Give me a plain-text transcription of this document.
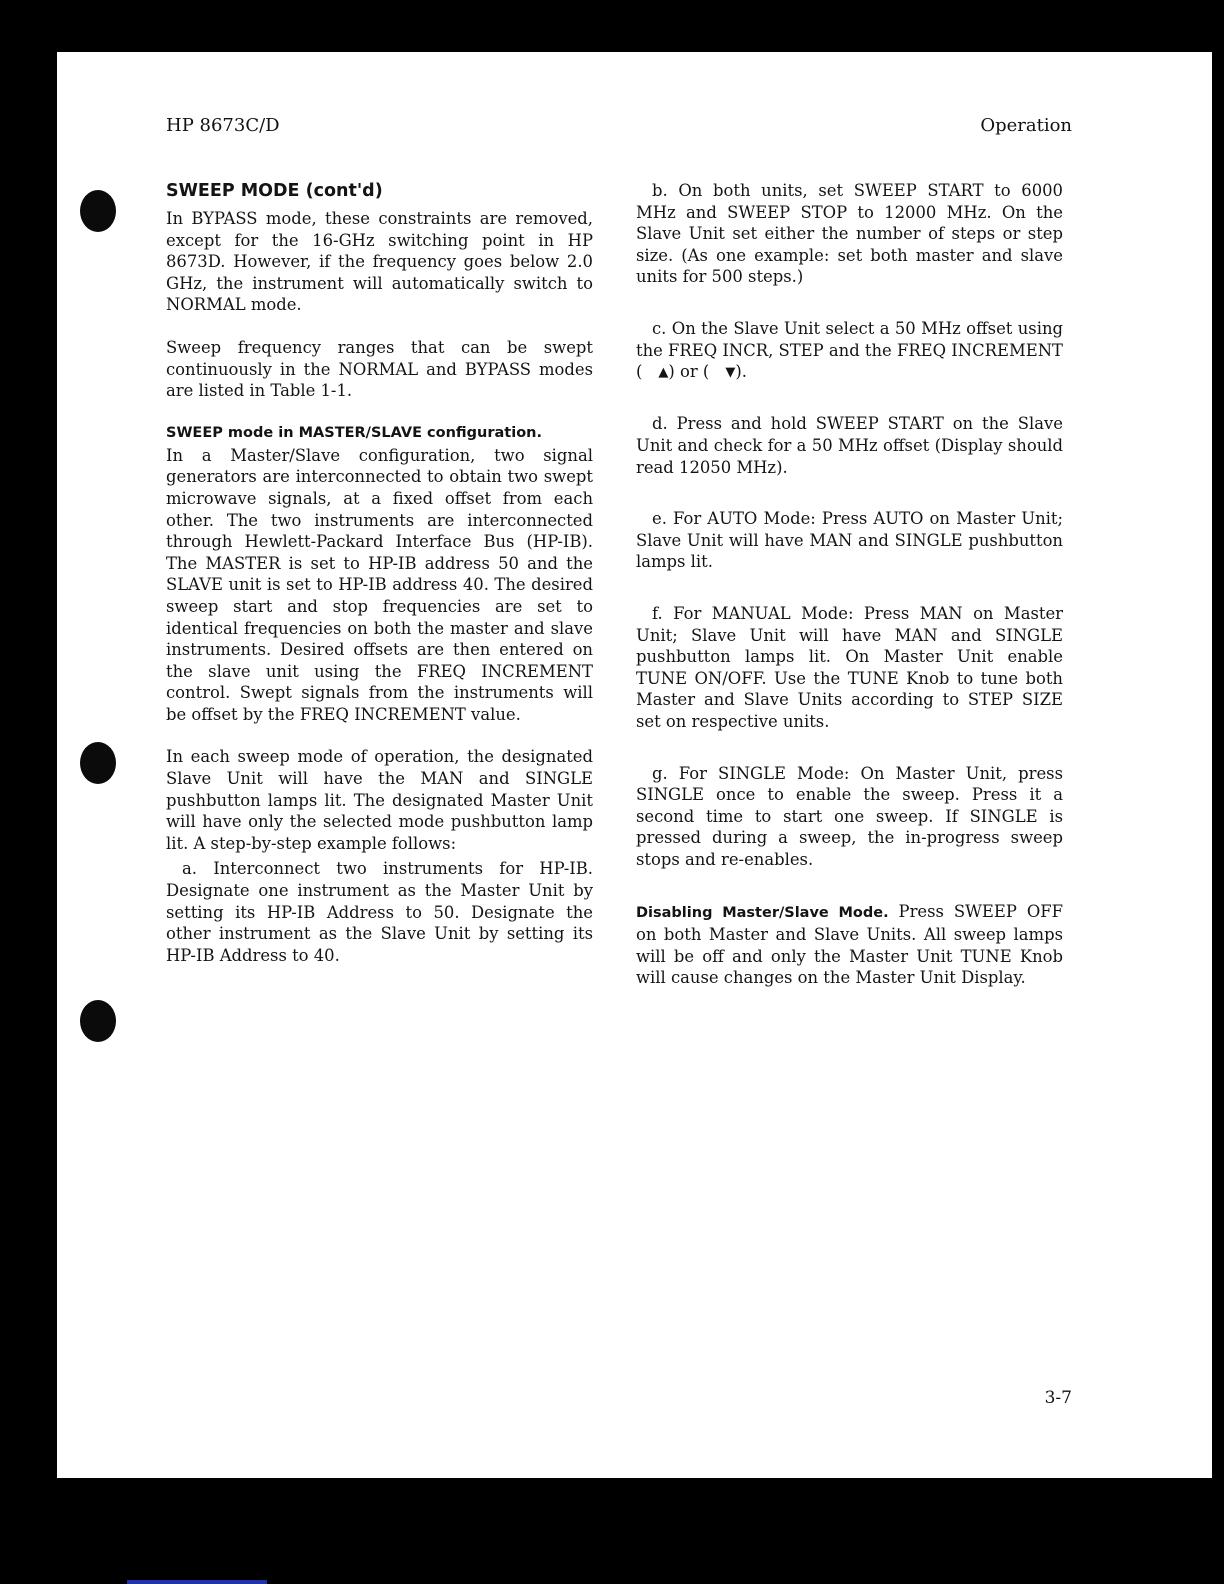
HP 8673C/D	Operation
SWEEP MODE (cont'd)

In BYPASS mode, these constraints are removed, except for the 16-GHz switching point in HP 8673D. However, if the frequency goes below 2.0 GHz, the instrument will automatically switch to NORMAL mode.

Sweep frequency ranges that can be swept continuously in the NORMAL and BYPASS modes are listed in Table 1-1.

SWEEP mode in MASTER/SLAVE configuration.

In a Master/Slave configuration, two signal generators are interconnected to obtain two swept microwave signals, at a fixed offset from each other. The two instruments are interconnected through Hewlett-Packard Interface Bus (HP-IB). The MASTER is set to HP-IB address 50 and the SLAVE unit is set to HP-IB address 40. The desired sweep start and stop frequencies are set to identical frequencies on both the master and slave instruments. Desired offsets are then entered on the slave unit using the FREQ INCREMENT control. Swept signals from the instruments will be offset by the FREQ INCREMENT value.

In each sweep mode of operation, the designated Slave Unit will have the MAN and SINGLE pushbutton lamps lit. The designated Master Unit will have only the selected mode pushbutton lamp lit. A step-by-step example follows:

a. Interconnect two instruments for HP-IB. Designate one instrument as the Master Unit by setting its HP-IB Address to 50. Designate the other instrument as the Slave Unit by setting its HP-IB Address to 40.

b. On both units, set SWEEP START to 6000 MHz and SWEEP STOP to 12000 MHz. On the Slave Unit set either the number of steps or step size. (As one example: set both master and slave units for 500 steps.)

c. On the Slave Unit select a 50 MHz offset using the FREQ INCR, STEP and the FREQ INCREMENT ( ▲) or ( ▼).

d. Press and hold SWEEP START on the Slave Unit and check for a 50 MHz offset (Display should read 12050 MHz).

e. For AUTO Mode: Press AUTO on Master Unit; Slave Unit will have MAN and SINGLE pushbutton lamps lit.

f. For MANUAL Mode: Press MAN on Master Unit; Slave Unit will have MAN and SINGLE pushbutton lamps lit. On Master Unit enable TUNE ON/OFF. Use the TUNE Knob to tune both Master and Slave Units according to STEP SIZE set on respective units.

g. For SINGLE Mode: On Master Unit, press SINGLE once to enable the sweep. Press it a second time to start one sweep. If SINGLE is pressed during a sweep, the in-progress sweep stops and re-enables.

Disabling Master/Slave Mode. Press SWEEP OFF on both Master and Slave Units. All sweep lamps will be off and only the Master Unit TUNE Knob will cause changes on the Master Unit Display.

3-7
